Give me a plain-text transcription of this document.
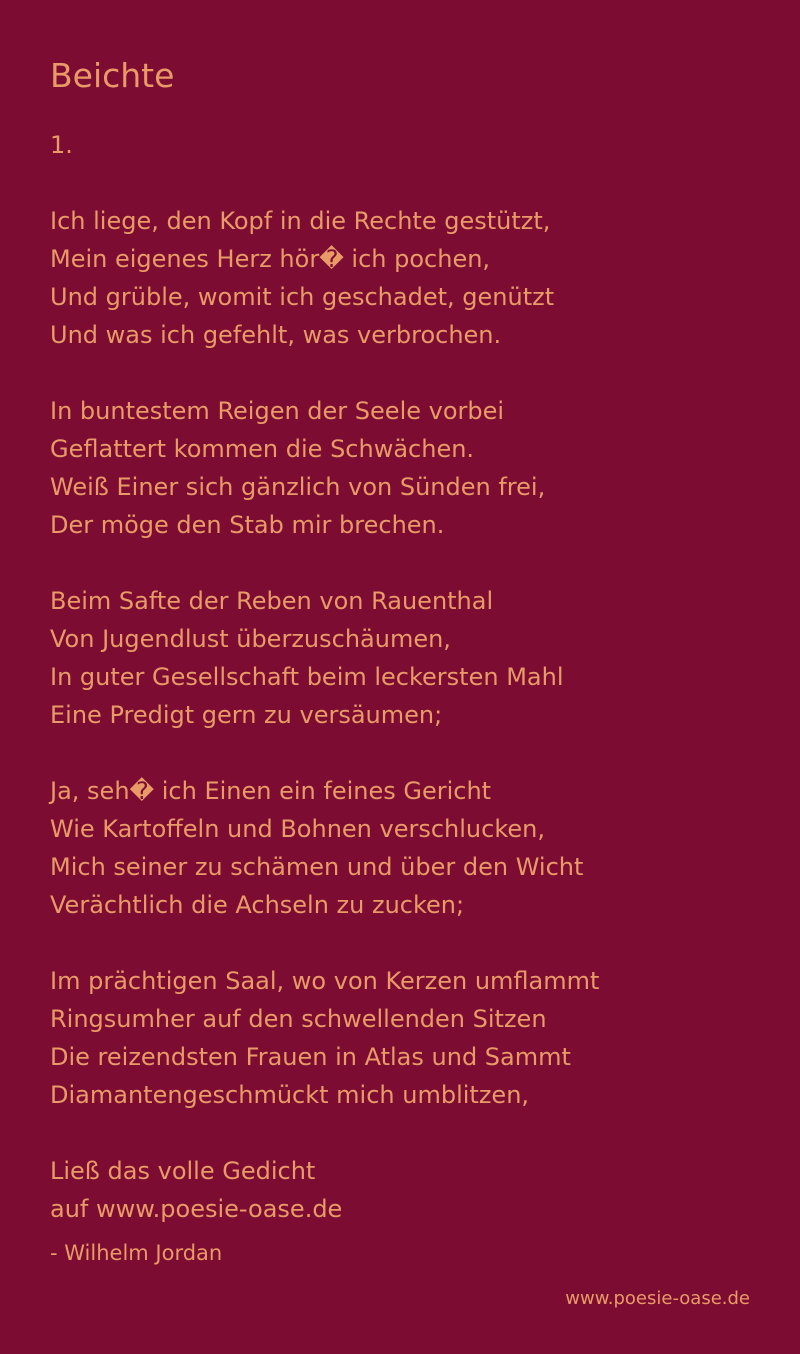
Beichte
1.
Ich liege, den Kopf in die Rechte gestützt,
Mein eigenes Herz hör� ich pochen,
Und grüble, womit ich geschadet, genützt
Und was ich gefehlt, was verbrochen.
In buntestem Reigen der Seele vorbei
Geflattert kommen die Schwächen.
Weiß Einer sich gänzlich von Sünden frei,
Der möge den Stab mir brechen.
Beim Safte der Reben von Rauenthal
Von Jugendlust überzuschäumen,
In guter Gesellschaft beim leckersten Mahl
Eine Predigt gern zu versäumen;
Ja, seh� ich Einen ein feines Gericht
Wie Kartoffeln und Bohnen verschlucken,
Mich seiner zu schämen und über den Wicht
Verächtlich die Achseln zu zucken;
Im prächtigen Saal, wo von Kerzen umflammt
Ringsumher auf den schwellenden Sitzen
Die reizendsten Frauen in Atlas und Sammt
Diamantengeschmückt mich umblitzen,
Ließ das volle Gedicht
auf www.poesie-oase.de
- Wilhelm Jordan
www.poesie-oase.de
